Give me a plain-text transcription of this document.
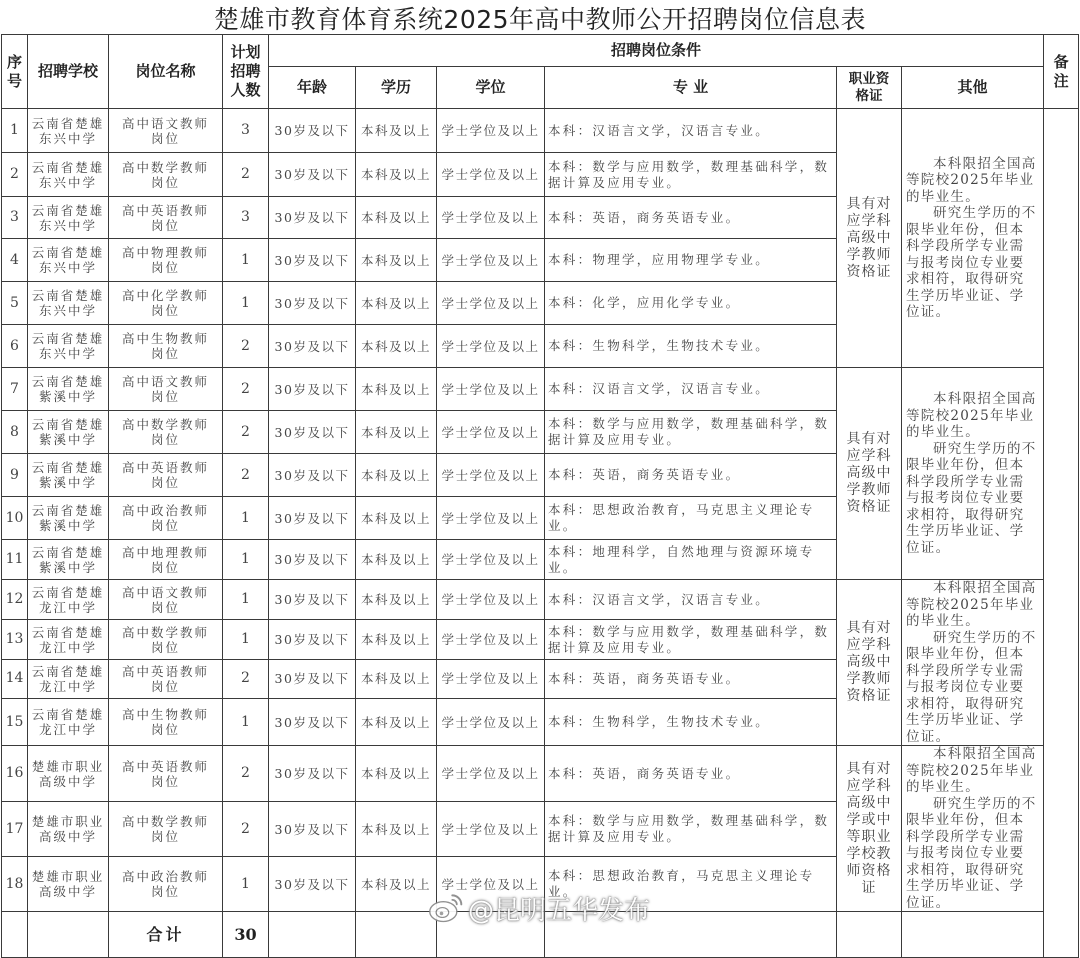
楚雄市教育体育系统2025年高中教师公开招聘岗位信息表
序号	招聘学校	岗位名称	计划招聘人数	招聘岗位条件						备注
				年龄	学历	学位	专 业	职业资格证	其他	
1	云南省楚雄东兴中学	高中语文教师岗位	3	30岁及以下	本科及以上	学士学位及以上	本科：汉语言文学，汉语言专业。	具有对应学科高级中学教师资格证	本科限招全国高等院校2025年毕业的毕业生。

研究生学历的不限毕业年份，但本科学段所学专业需与报考岗位专业要求相符，取得研究生学历毕业证、学位证。	

2	云南省楚雄东兴中学	高中数学教师岗位	2	30岁及以下	本科及以上	学士学位及以上	本科：数学与应用数学，数理基础科学，数据计算及应用专业。			
3	云南省楚雄东兴中学	高中英语教师岗位	3	30岁及以下	本科及以上	学士学位及以上	本科：英语，商务英语专业。			
4	云南省楚雄东兴中学	高中物理教师岗位	1	30岁及以下	本科及以上	学士学位及以上	本科：物理学，应用物理学专业。			
5	云南省楚雄东兴中学	高中化学教师岗位	1	30岁及以下	本科及以上	学士学位及以上	本科：化学，应用化学专业。			
6	云南省楚雄东兴中学	高中生物教师岗位	2	30岁及以下	本科及以上	学士学位及以上	本科：生物科学，生物技术专业。			
7	云南省楚雄紫溪中学	高中语文教师岗位	2	30岁及以下	本科及以上	学士学位及以上	本科：汉语言文学，汉语言专业。	具有对应学科高级中学教师资格证	本科限招全国高等院校2025年毕业的毕业生。

研究生学历的不限毕业年份，但本科学段所学专业需与报考岗位专业要求相符，取得研究生学历毕业证、学位证。	

8	云南省楚雄紫溪中学	高中数学教师岗位	2	30岁及以下	本科及以上	学士学位及以上	本科：数学与应用数学，数理基础科学，数据计算及应用专业。			
9	云南省楚雄紫溪中学	高中英语教师岗位	2	30岁及以下	本科及以上	学士学位及以上	本科：英语，商务英语专业。			
10	云南省楚雄紫溪中学	高中政治教师岗位	1	30岁及以下	本科及以上	学士学位及以上	本科：思想政治教育，马克思主义理论专业。			
11	云南省楚雄紫溪中学	高中地理教师岗位	1	30岁及以下	本科及以上	学士学位及以上	本科：地理科学，自然地理与资源环境专业。			
12	云南省楚雄龙江中学	高中语文教师岗位	1	30岁及以下	本科及以上	学士学位及以上	本科：汉语言文学，汉语言专业。	具有对应学科高级中学教师资格证	本科限招全国高等院校2025年毕业的毕业生。

研究生学历的不限毕业年份，但本科学段所学专业需与报考岗位专业要求相符，取得研究生学历毕业证、学位证。	

13	云南省楚雄龙江中学	高中数学教师岗位	1	30岁及以下	本科及以上	学士学位及以上	本科：数学与应用数学，数理基础科学，数据计算及应用专业。			
14	云南省楚雄龙江中学	高中英语教师岗位	2	30岁及以下	本科及以上	学士学位及以上	本科：英语，商务英语专业。			
15	云南省楚雄龙江中学	高中生物教师岗位	1	30岁及以下	本科及以上	学士学位及以上	本科：生物科学，生物技术专业。			
16	楚雄市职业高级中学	高中英语教师岗位	2	30岁及以下	本科及以上	学士学位及以上	本科：英语，商务英语专业。	具有对应学科高级中学或中等职业学校教师资格证	本科限招全国高等院校2025年毕业的毕业生。

研究生学历的不限毕业年份，但本科学段所学专业需与报考岗位专业要求相符，取得研究生学历毕业证、学位证。	

17	楚雄市职业高级中学	高中数学教师岗位	2	30岁及以下	本科及以上	学士学位及以上	本科：数学与应用数学，数理基础科学，数据计算及应用专业。			
18	楚雄市职业高级中学	高中政治教师岗位	1	30岁及以下	本科及以上	学士学位及以上	本科：思想政治教育，马克思主义理论专业。			
		合计	30							
@昆明五华发布
